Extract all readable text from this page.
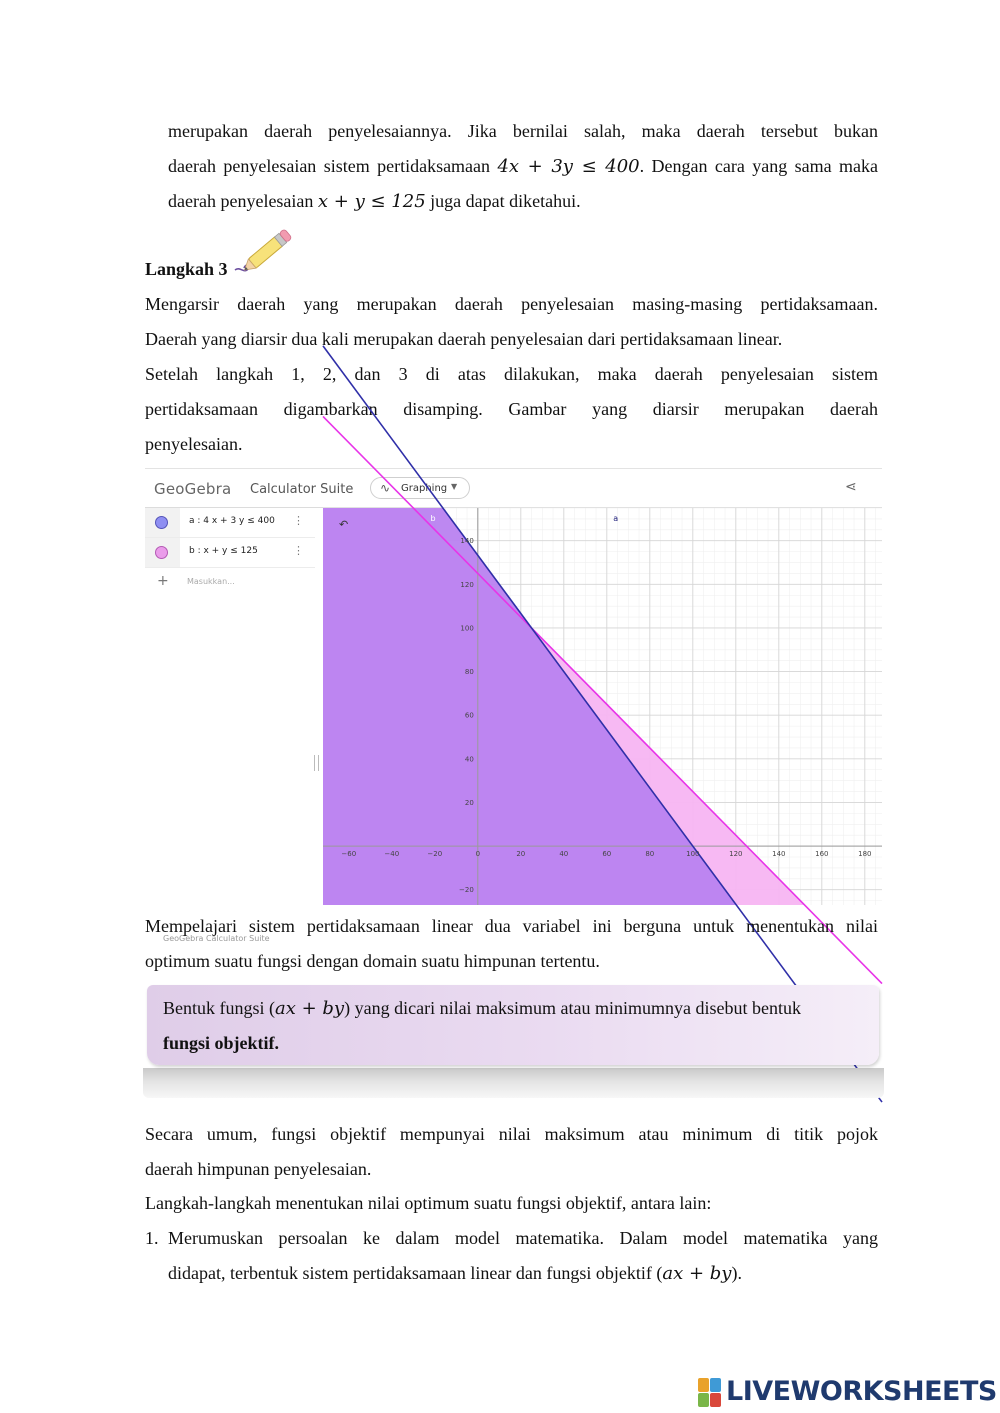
merupakan daerah penyelesaiannya. Jika bernilai salah, maka daerah tersebut bukan
daerah penyelesaian sistem pertidaksamaan 4x + 3y ≤ 400. Dengan cara yang sama maka
daerah penyelesaian x + y ≤ 125 juga dapat diketahui.
Langkah 3
Mengarsir daerah yang merupakan daerah penyelesaian masing-masing pertidaksamaan.
Daerah yang diarsir dua kali merupakan daerah penyelesaian dari pertidaksamaan linear.
Setelah langkah 1, 2, dan 3 di atas dilakukan, maka daerah penyelesaian sistem
pertidaksamaan digambarkan disamping. Gambar yang diarsir merupakan daerah
penyelesaian.
GeoGebra Calculator Suite ∿ Graphing ▼	⋖
a : 4 x + 3 y ≤ 400 ⋮
b : x + y ≤ 125	⋮
+ Masukkan...
GeoGebra Calculator Suite
−60	−40	−20	0	20	40	60	80	100	120	140	160	180
−20
20
40
60
80
100
120
140
a
b
↶
Mempelajari sistem pertidaksamaan linear dua variabel ini berguna untuk menentukan nilai
optimum suatu fungsi dengan domain suatu himpunan tertentu.
Bentuk fungsi (ax + by) yang dicari nilai maksimum atau minimumnya disebut bentuk
fungsi objektif.
Secara umum, fungsi objektif mempunyai nilai maksimum atau minimum di titik pojok
daerah himpunan penyelesaian.
Langkah-langkah menentukan nilai optimum suatu fungsi objektif, antara lain:
1. Merumuskan persoalan ke dalam model matematika. Dalam model matematika yang
didapat, terbentuk sistem pertidaksamaan linear dan fungsi objektif (ax + by).
LIVEWORKSHEETS
